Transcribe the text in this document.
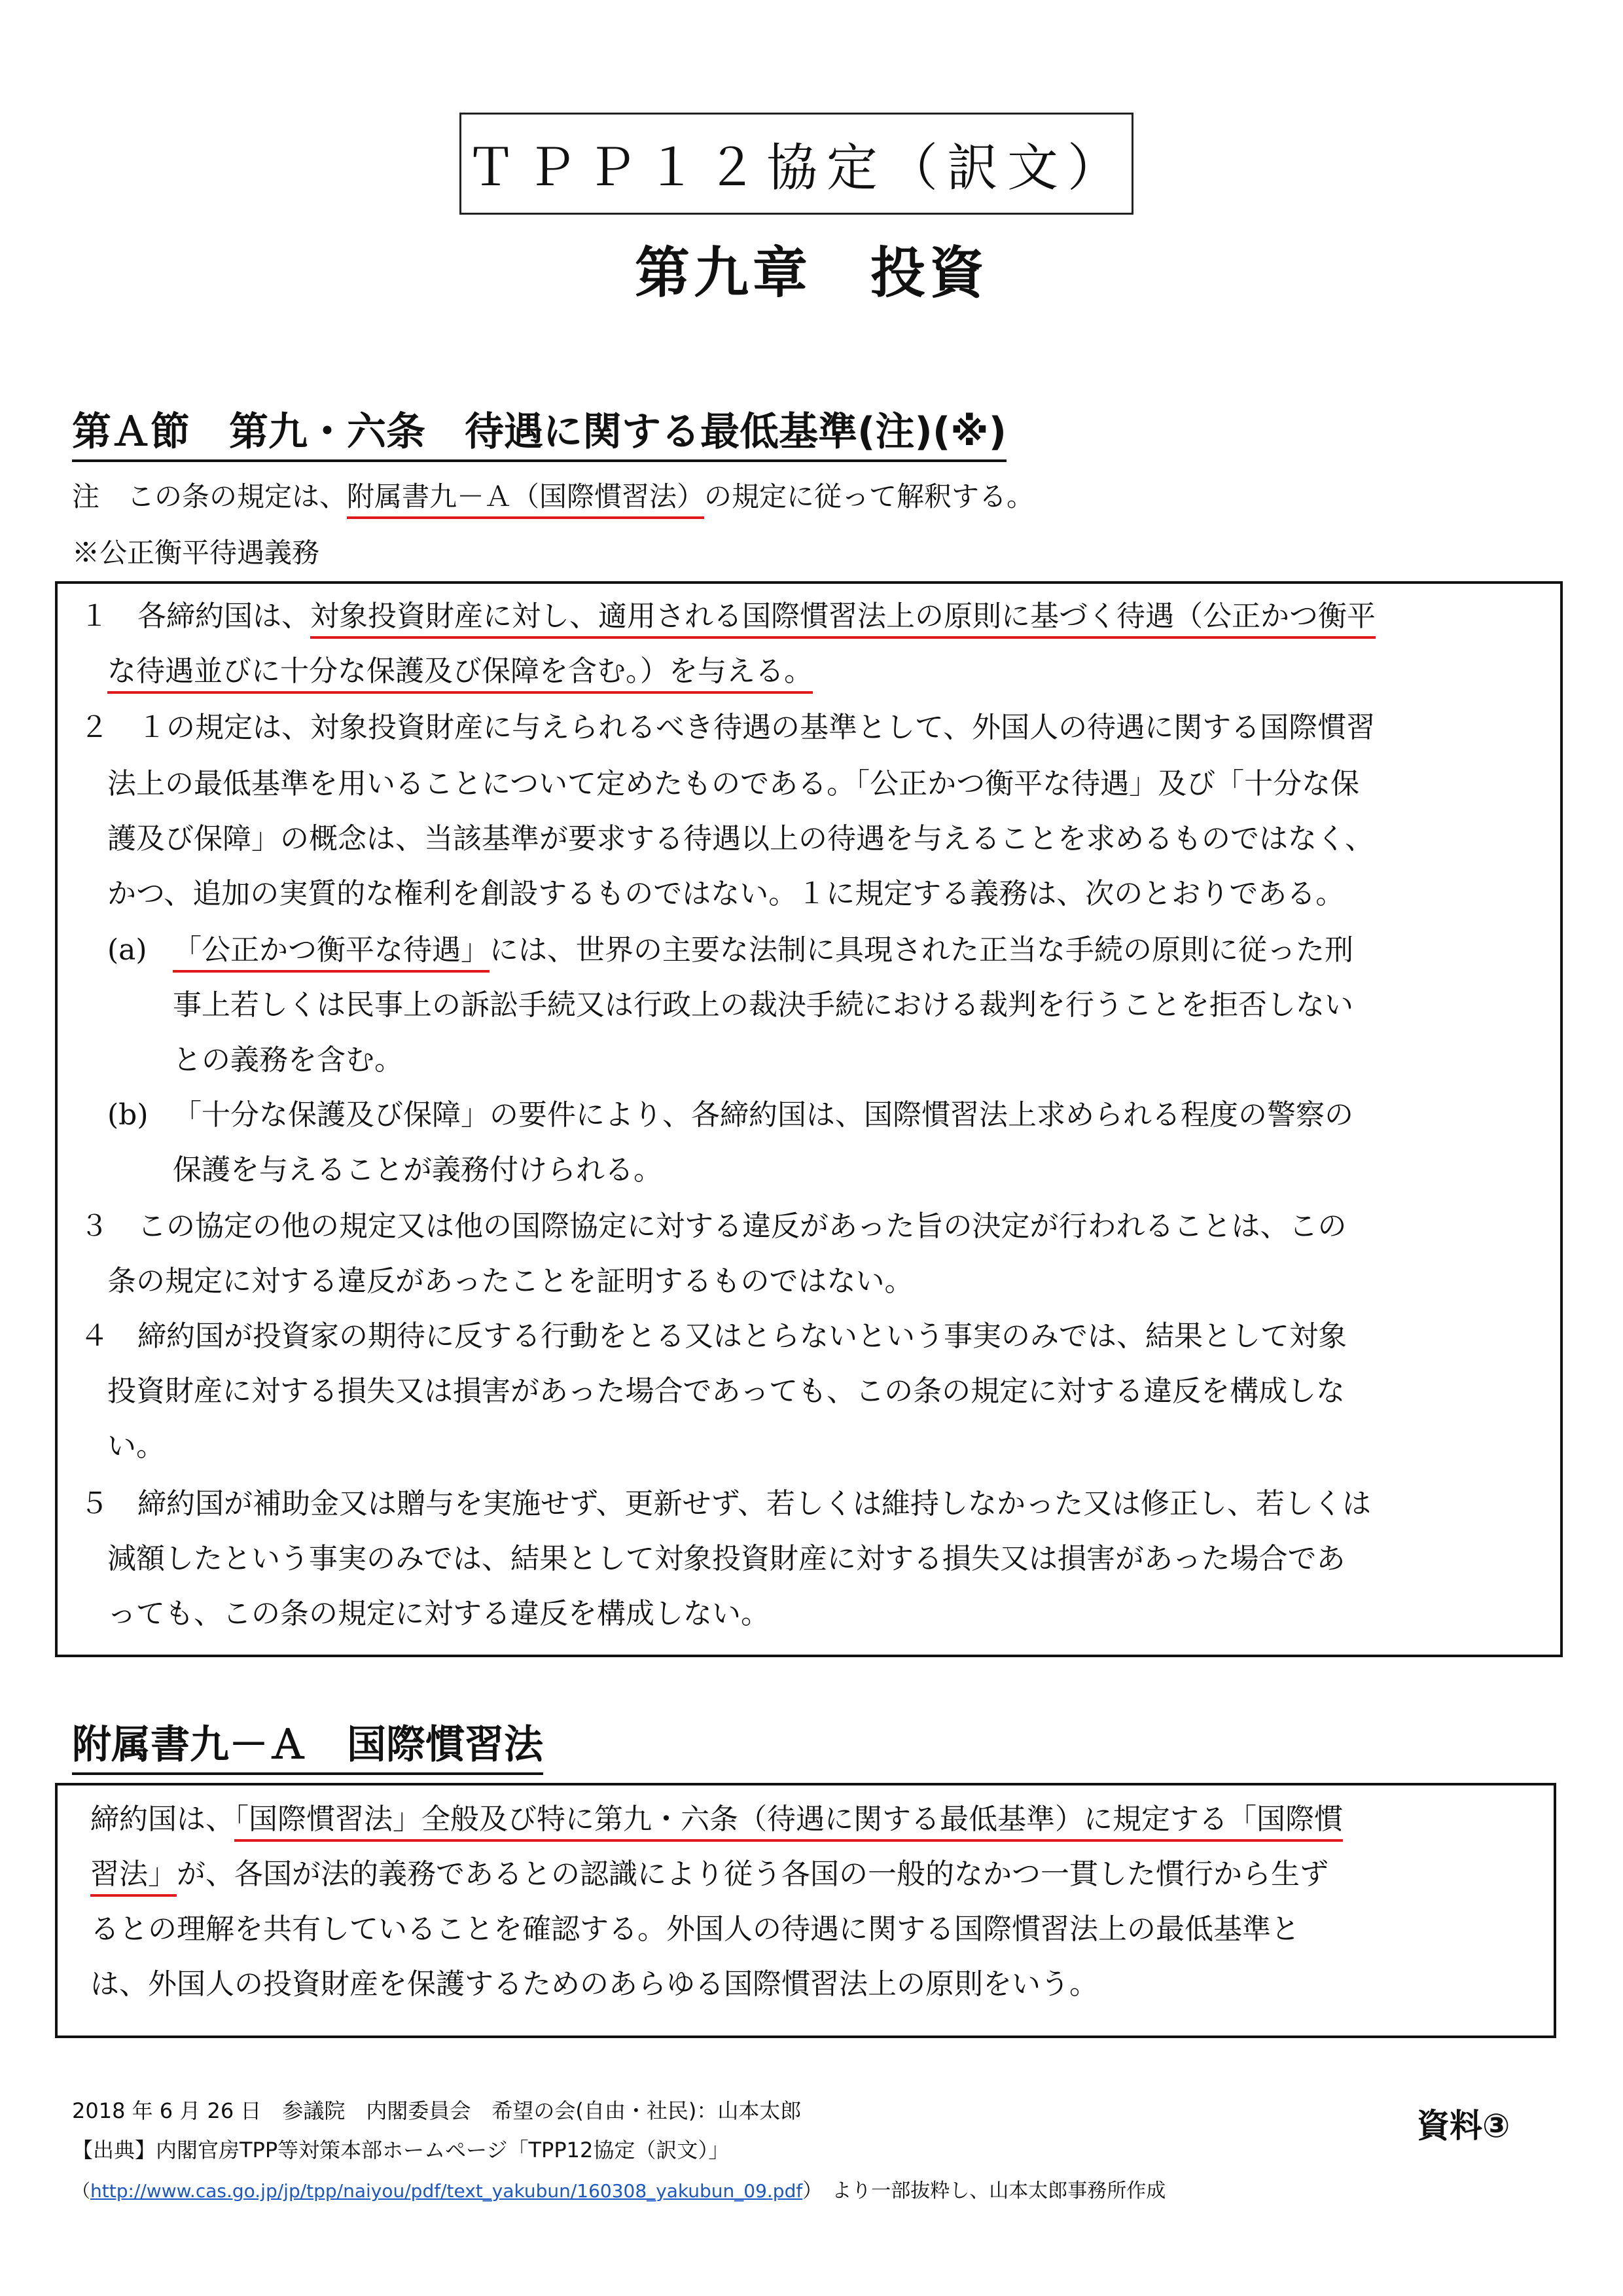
ＴＰＰ１２協定（訳文）
第九章　投資
第Ａ節　第九・六条　待遇に関する最低基準(注)(※)
注　この条の規定は、附属書九－Ａ（国際慣習法）の規定に従って解釈する。
※公正衡平待遇義務
１　各締約国は、対象投資財産に対し、適用される国際慣習法上の原則に基づく待遇（公正かつ衡平
な待遇並びに十分な保護及び保障を含む。）を与える。
２　１の規定は、対象投資財産に与えられるべき待遇の基準として、外国人の待遇に関する国際慣習
法上の最低基準を用いることについて定めたものである。「公正かつ衡平な待遇」及び「十分な保
護及び保障」の概念は、当該基準が要求する待遇以上の待遇を与えることを求めるものではなく、
かつ、追加の実質的な権利を創設するものではない。１に規定する義務は、次のとおりである。
(a) 「公正かつ衡平な待遇」には、世界の主要な法制に具現された正当な手続の原則に従った刑
事上若しくは民事上の訴訟手続又は行政上の裁決手続における裁判を行うことを拒否しない
との義務を含む。
(b) 「十分な保護及び保障」の要件により、各締約国は、国際慣習法上求められる程度の警察の
保護を与えることが義務付けられる。
３　この協定の他の規定又は他の国際協定に対する違反があった旨の決定が行われることは、この
条の規定に対する違反があったことを証明するものではない。
４　締約国が投資家の期待に反する行動をとる又はとらないという事実のみでは、結果として対象
投資財産に対する損失又は損害があった場合であっても、この条の規定に対する違反を構成しな
い。
５　締約国が補助金又は贈与を実施せず、更新せず、若しくは維持しなかった又は修正し、若しくは
減額したという事実のみでは、結果として対象投資財産に対する損失又は損害があった場合であ
っても、この条の規定に対する違反を構成しない。
附属書九－Ａ　国際慣習法
締約国は、「国際慣習法」全般及び特に第九・六条（待遇に関する最低基準）に規定する「国際慣
習法」が、各国が法的義務であるとの認識により従う各国の一般的なかつ一貫した慣行から生ず
るとの理解を共有していることを確認する。外国人の待遇に関する国際慣習法上の最低基準と
は、外国人の投資財産を保護するためのあらゆる国際慣習法上の原則をいう。
2018 年 6 月 26 日　参議院　内閣委員会　希望の会(自由・社民)：山本太郎
【出典】内閣官房TPP等対策本部ホームページ「TPP12協定（訳文）」
（http://www.cas.go.jp/jp/tpp/naiyou/pdf/text_yakubun/160308_yakubun_09.pdf）　より一部抜粋し、山本太郎事務所作成
資料③
